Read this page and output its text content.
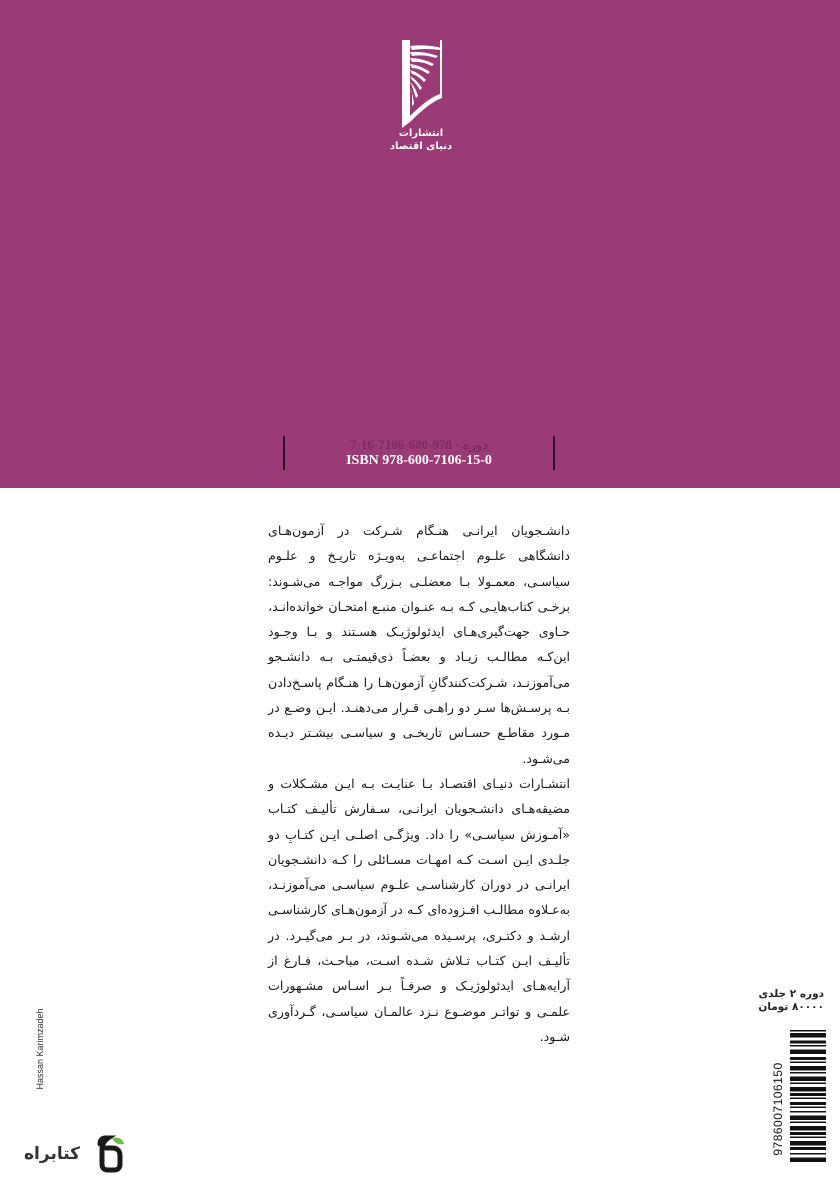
انتشارات
دنیای اقتصاد
دوره - 978-600-7106-16-7
ISBN 978-600-7106-15-0

دانشـجویان ایرانـی هنـگام شـرکت در آزمون‌هـای دانشگاهی علـوم اجتماعـی به‌ویـژه تاریـخ و علـوم سیاسـی، معمـولا بـا معضلـی بـزرگ مواجـه می‌شـوند: برخـی کتاب‌هایـی کـه بـه عنـوان منبـع امتحـان خوانده‌انـد، حـاوی جهت‌گیری‌هـای ایدئولوژیـک هسـتند و بـا وجـود این‌کـه مطالـب زیـاد و بعضـاً ذی‌قیمتـی بـه دانشـجو می‌آموزنـد، شـرکت‌کنندگانِ آزمون‌هـا را هنـگام پاسـخ‌دادن بـه پرسـش‌ها سـر دو راهـی قـرار می‌دهنـد. ایـن وضـع در مـورد مقاطـع حسـاس تاریخـی و سیاسـی بیشـتر دیـده می‌شـود.

انتشـارات دنیـای اقتصـاد بـا عنایـت بـه ایـن مشـکلات و مضیقه‌هـای دانشـجویان ایرانـی، سـفارش تألیـف کتـاب «آمـوزش سیاسـی» را داد. ویژگـی اصلـی ایـن کتـابِ دو جلـدی ایـن اسـت کـه امهـات مسـائلی را کـه دانشـجویان ایرانـی در دوران کارشناسـی علـوم سیاسـی می‌آموزنـد، به‌عـلاوه مطالـب افـزوده‌ای کـه در آزمون‌هـای کارشناسـی ارشـد و دکتـری، پرسـیده می‌شـوند، در بـر می‌گیـرد. در تألیـف ایـن کتـاب تـلاش شـده اسـت، مباحـث، فـارغ از آرایه‌هـای ایدئولوژیـک و صرفـاً بـر اسـاس مشـهورات علمـی و تواتـر موضـوع نـزد عالمـان سیاسـی، گـردآوری شـود.

دوره ۲ جلدی
۸۰۰۰۰ تومان
9786007106150
Hassan Karimzadeh
کتابراه
